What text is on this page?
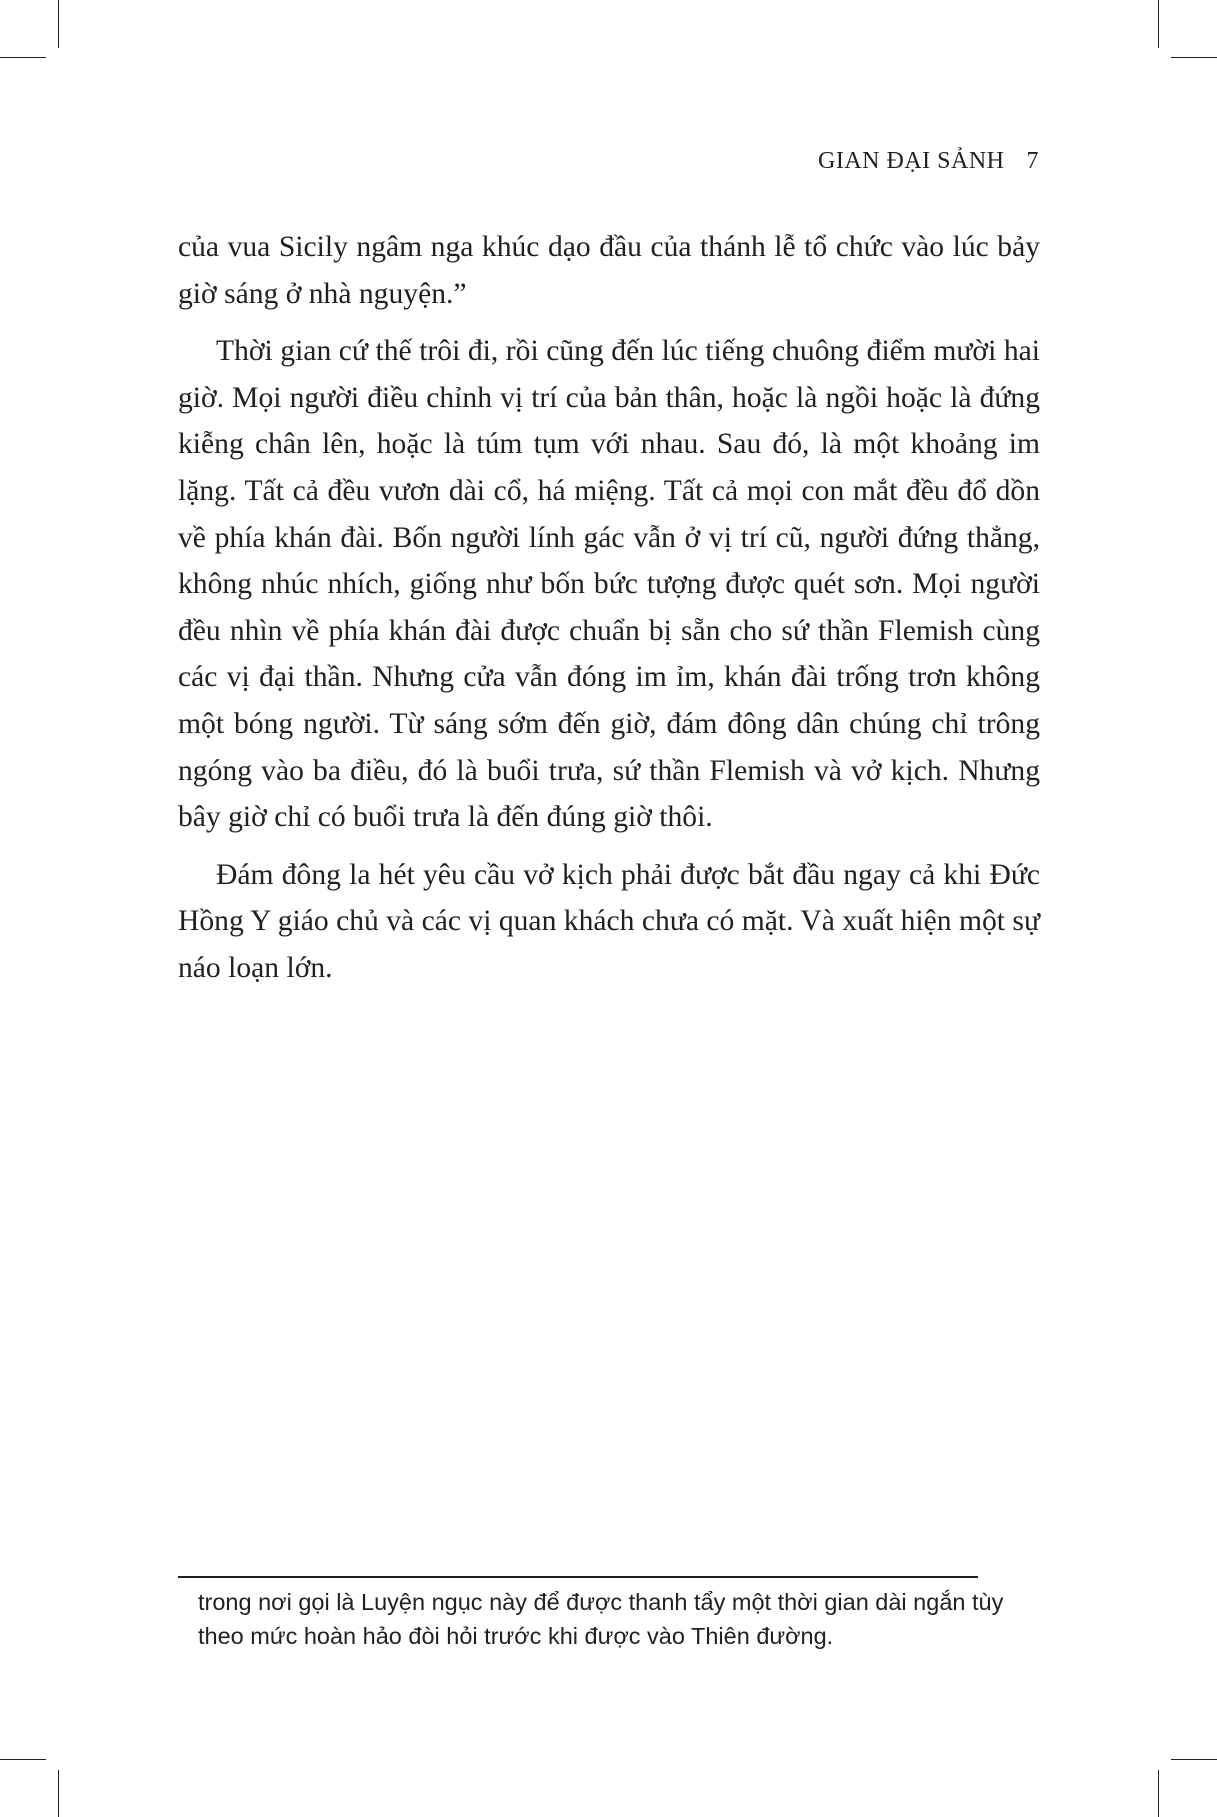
GIAN ĐẠI SẢNH 7

của vua Sicily ngâm nga khúc dạo đầu của thánh lễ tổ chức vào lúc bảy giờ sáng ở nhà nguyện.”

Thời gian cứ thế trôi đi, rồi cũng đến lúc tiếng chuông điểm mười hai giờ. Mọi người điều chỉnh vị trí của bản thân, hoặc là ngồi hoặc là đứng kiễng chân lên, hoặc là túm tụm với nhau. Sau đó, là một khoảng im lặng. Tất cả đều vươn dài cổ, há miệng. Tất cả mọi con mắt đều đổ dồn về phía khán đài. Bốn người lính gác vẫn ở vị trí cũ, người đứng thẳng, không nhúc nhích, giống như bốn bức tượng được quét sơn. Mọi người đều nhìn về phía khán đài được chuẩn bị sẵn cho sứ thần Flemish cùng các vị đại thần. Nhưng cửa vẫn đóng im ỉm, khán đài trống trơn không một bóng người. Từ sáng sớm đến giờ, đám đông dân chúng chỉ trông ngóng vào ba điều, đó là buổi trưa, sứ thần Flemish và vở kịch. Nhưng bây giờ chỉ có buổi trưa là đến đúng giờ thôi.

Đám đông la hét yêu cầu vở kịch phải được bắt đầu ngay cả khi Đức Hồng Y giáo chủ và các vị quan khách chưa có mặt. Và xuất hiện một sự náo loạn lớn.

trong nơi gọi là Luyện ngục này để được thanh tẩy một thời gian dài ngắn tùy theo mức hoàn hảo đòi hỏi trước khi được vào Thiên đường.
